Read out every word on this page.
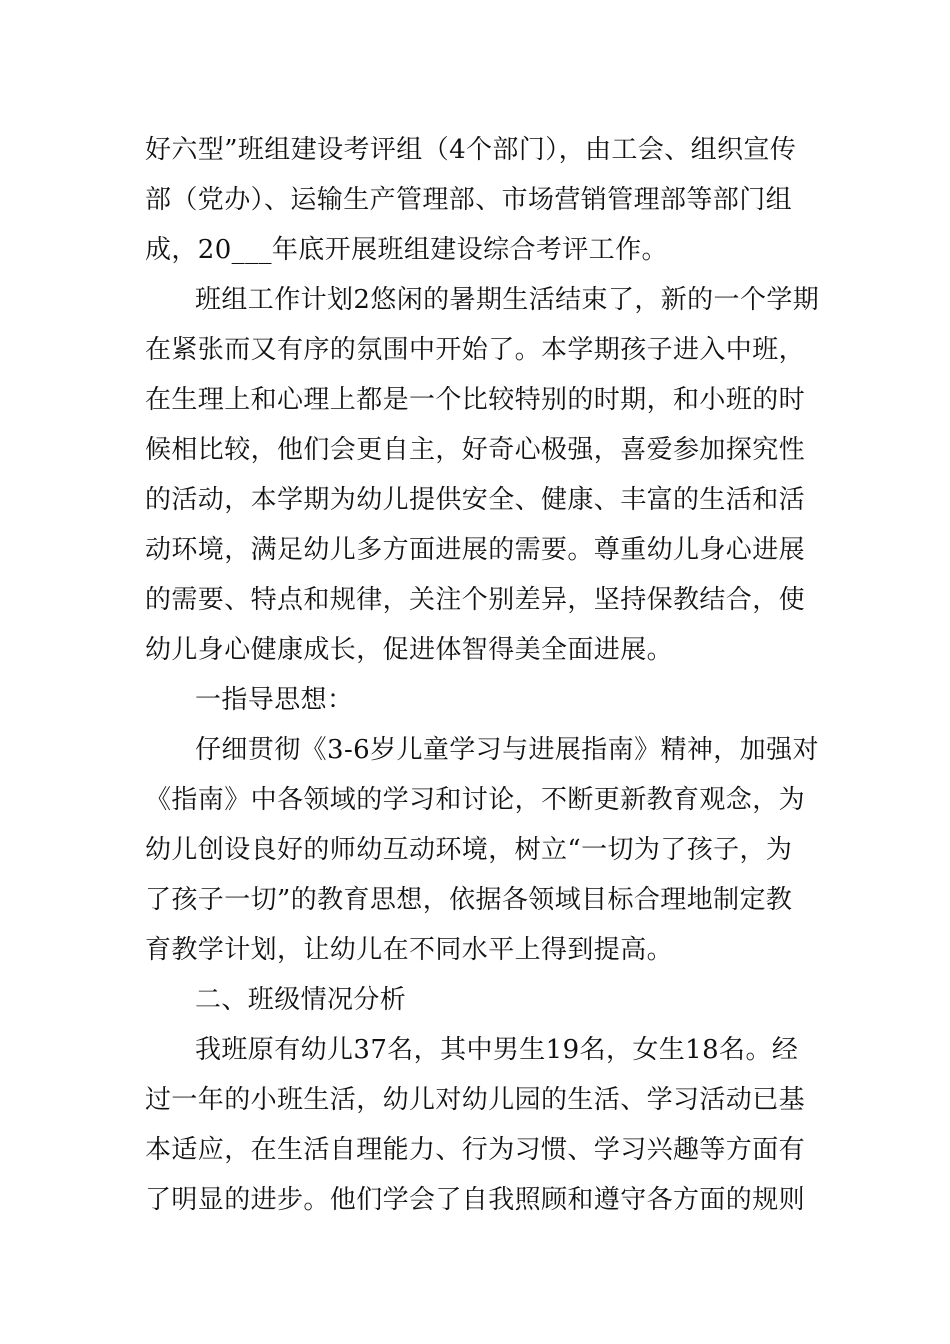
好六型”班组建设考评组（4个部门），由工会、组织宣传
部（党办）、运输生产管理部、市场营销管理部等部门组
成，20___年底开展班组建设综合考评工作。
班组工作计划2悠闲的暑期生活结束了，新的一个学期
在紧张而又有序的氛围中开始了。本学期孩子进入中班，
在生理上和心理上都是一个比较特别的时期，和小班的时
候相比较，他们会更自主，好奇心极强，喜爱参加探究性
的活动，本学期为幼儿提供安全、健康、丰富的生活和活
动环境，满足幼儿多方面进展的需要。尊重幼儿身心进展
的需要、特点和规律，关注个别差异，坚持保教结合，使
幼儿身心健康成长，促进体智得美全面进展。
一指导思想：
仔细贯彻《3-6岁儿童学习与进展指南》精神，加强对
《指南》中各领域的学习和讨论，不断更新教育观念，为
幼儿创设良好的师幼互动环境，树立“一切为了孩子，为
了孩子一切”的教育思想，依据各领域目标合理地制定教
育教学计划，让幼儿在不同水平上得到提高。
二、班级情况分析
我班原有幼儿37名，其中男生19名，女生18名。经
过一年的小班生活，幼儿对幼儿园的生活、学习活动已基
本适应，在生活自理能力、行为习惯、学习兴趣等方面有
了明显的进步。他们学会了自我照顾和遵守各方面的规则
